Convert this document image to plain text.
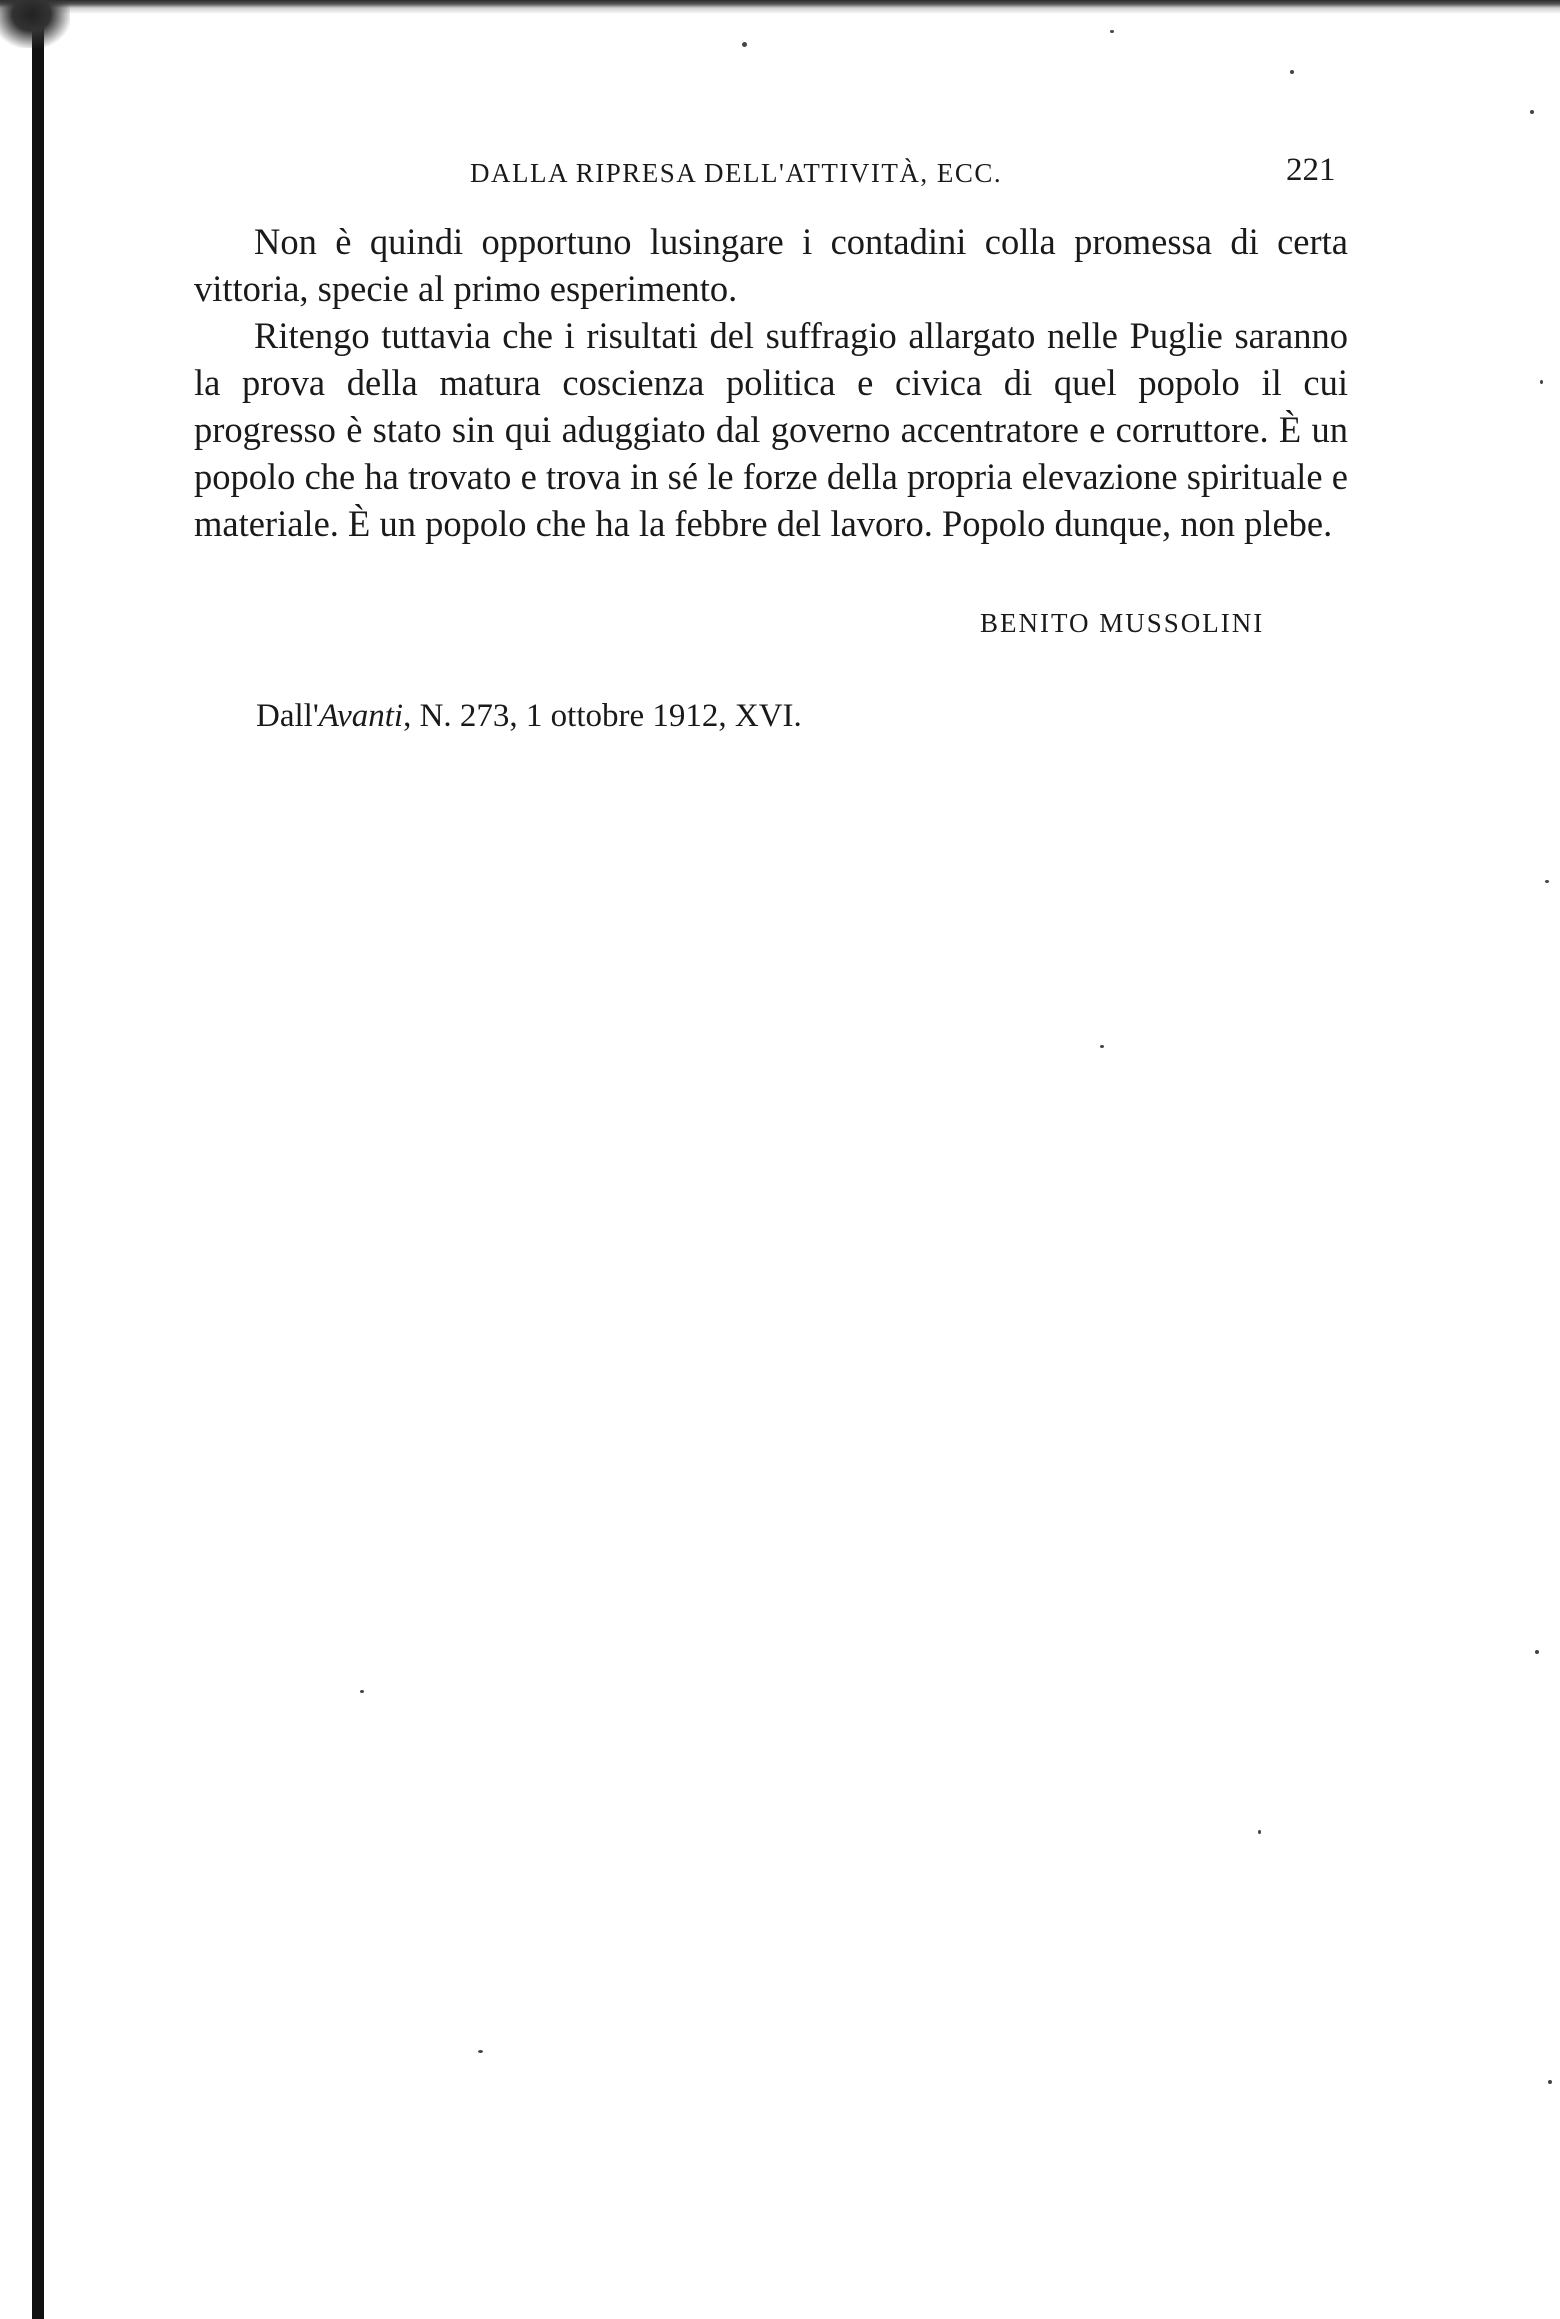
DALLA RIPRESA DELL'ATTIVITÀ, ECC.	221

Non è quindi opportuno lusingare i contadini colla promessa di certa vittoria, specie al primo esperimento.

Ritengo tuttavia che i risultati del suffragio allargato nelle Puglie saranno la prova della matura coscienza politica e civica di quel popolo il cui progresso è stato sin qui aduggiato dal governo accentratore e corruttore. È un popolo che ha trovato e trova in sé le forze della propria elevazione spirituale e materiale. È un popolo che ha la febbre del lavoro. Popolo dunque, non plebe.

BENITO MUSSOLINI
Dall'Avanti, N. 273, 1 ottobre 1912, XVI.
